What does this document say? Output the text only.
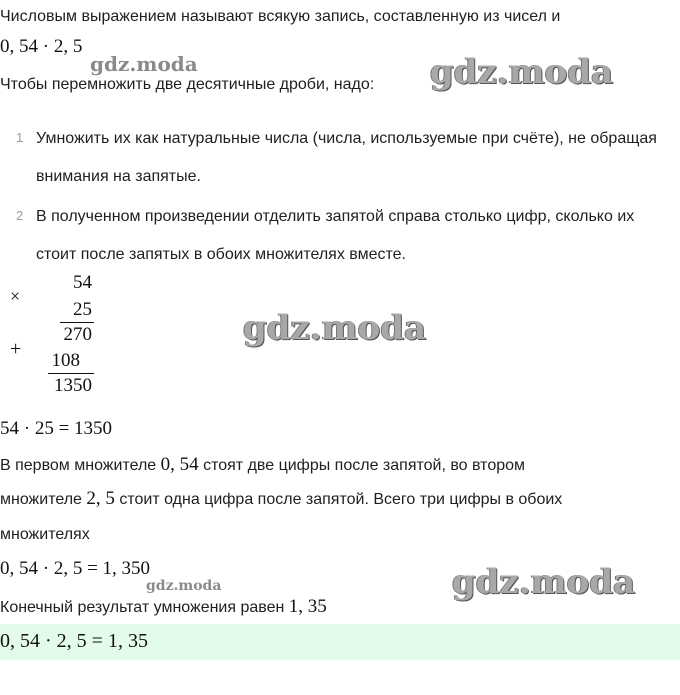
Числовым выражением называют всякую запись, составленную из чисел и
0, 54 · 2, 5
gdz.moda
Чтобы перемножить две десятичные дроби, надо: gdz.moda
1 Умножить их как натуральные числа (числа, используемые при счёте), не обращая внимания на запятые.
2 В полученном произведении отделить запятой справа столько цифр, сколько их стоит после запятых в обоих множителях вместе.
×
+
54
25
270
108
1350
gdz.moda
54 · 25 = 1350
В первом множителе 0, 54 стоят две цифры после запятой, во втором
множителе 2, 5 стоит одна цифра после запятой. Всего три цифры в обоих
множителях
0, 54 · 2, 5 = 1, 350
gdz.moda	gdz.moda
Конечный результат умножения равен 1, 35
0, 54 · 2, 5 = 1, 35
